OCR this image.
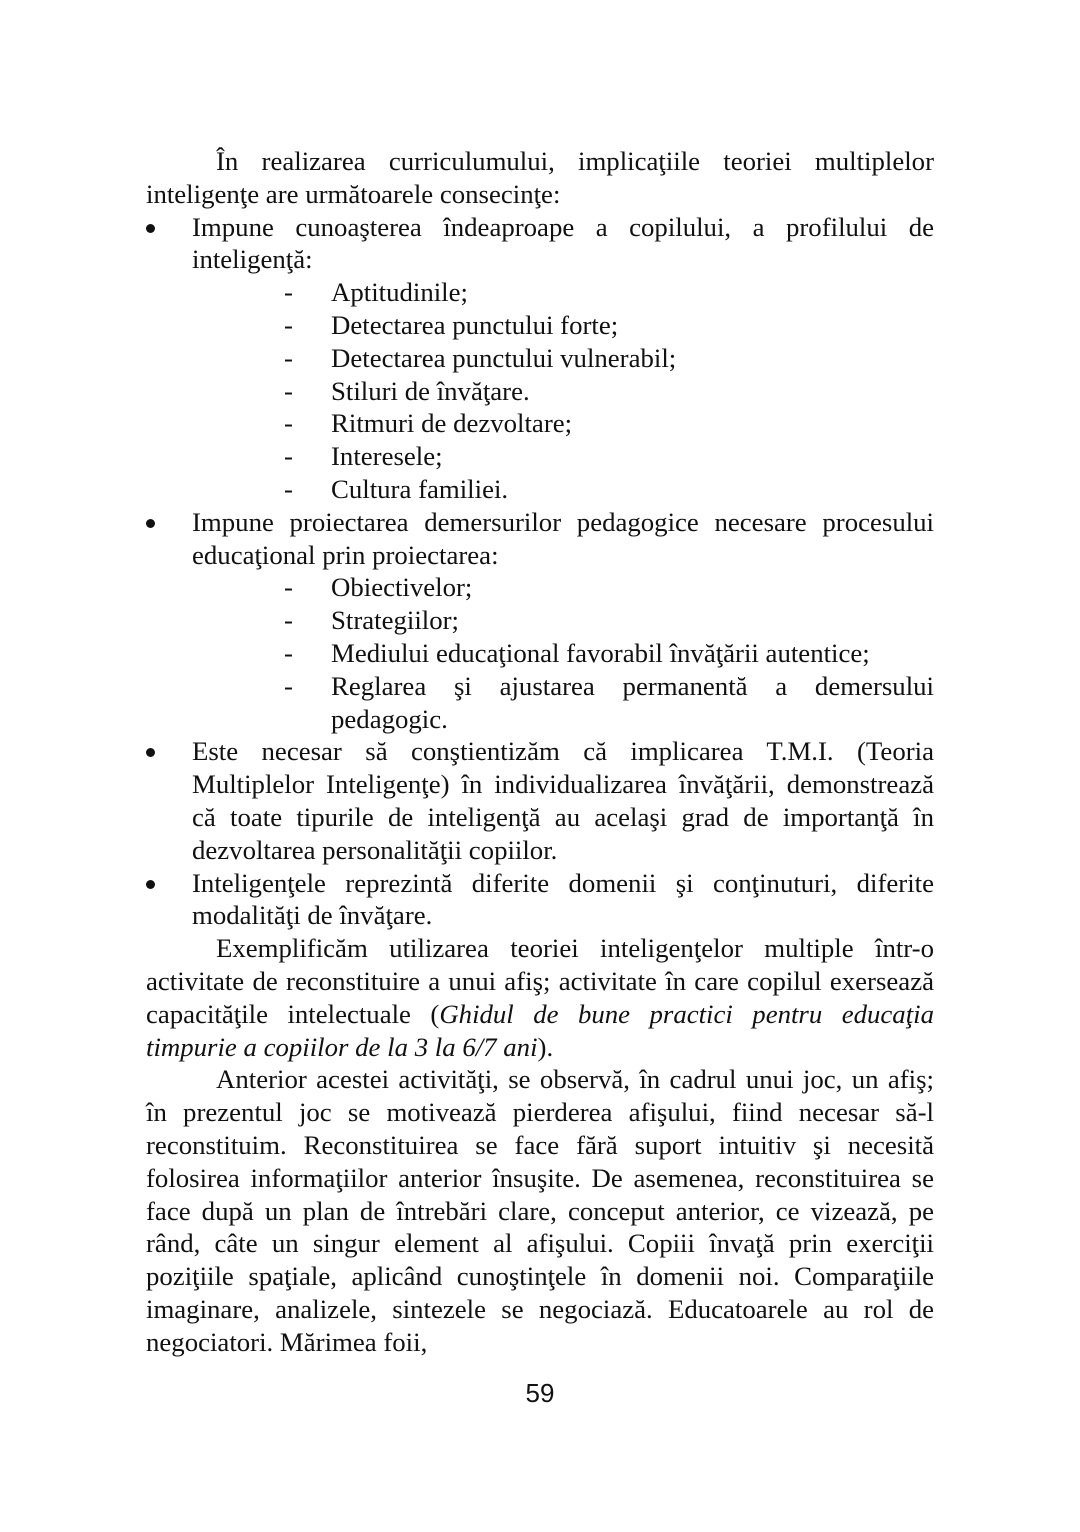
În realizarea curriculumului, implicaţiile teoriei multiplelor inteligenţe are următoarele consecinţe:

Impune cunoaşterea îndeaproape a copilului, a profilului de inteligenţă:

- Aptitudinile;
- Detectarea punctului forte;
- Detectarea punctului vulnerabil;
- Stiluri de învăţare.
- Ritmuri de dezvoltare;
- Interesele;
- Cultura familiei.

Impune proiectarea demersurilor pedagogice necesare procesului educaţional prin proiectarea:

- Obiectivelor;
- Strategiilor;
- Mediului educaţional favorabil învăţării autentice;
- Reglarea şi ajustarea permanentă a demersului pedagogic.

Este necesar să conştientizăm că implicarea T.M.I. (Teoria Multiplelor Inteligenţe) în individualizarea învăţării, demonstrează că toate tipurile de inteligenţă au acelaşi grad de importanţă în dezvoltarea personalităţii copiilor.

Inteligenţele reprezintă diferite domenii şi conţinuturi, diferite modalităţi de învăţare.

Exemplificăm utilizarea teoriei inteligenţelor multiple într-o activitate de reconstituire a unui afiş; activitate în care copilul exersează capacităţile intelectuale (Ghidul de bune practici pentru educaţia timpurie a copiilor de la 3 la 6/7 ani).

Anterior acestei activităţi, se observă, în cadrul unui joc, un afiş; în prezentul joc se motivează pierderea afişului, fiind necesar să-l reconstituim. Reconstituirea se face fără suport intuitiv şi necesită folosirea informaţiilor anterior însuşite. De asemenea, reconstituirea se face după un plan de întrebări clare, conceput anterior, ce vizează, pe rând, câte un singur element al afişului. Copiii învaţă prin exerciţii poziţiile spaţiale, aplicând cunoştinţele în domenii noi. Comparaţiile imaginare, analizele, sintezele se negociază. Educatoarele au rol de negociatori. Mărimea foii,

59
